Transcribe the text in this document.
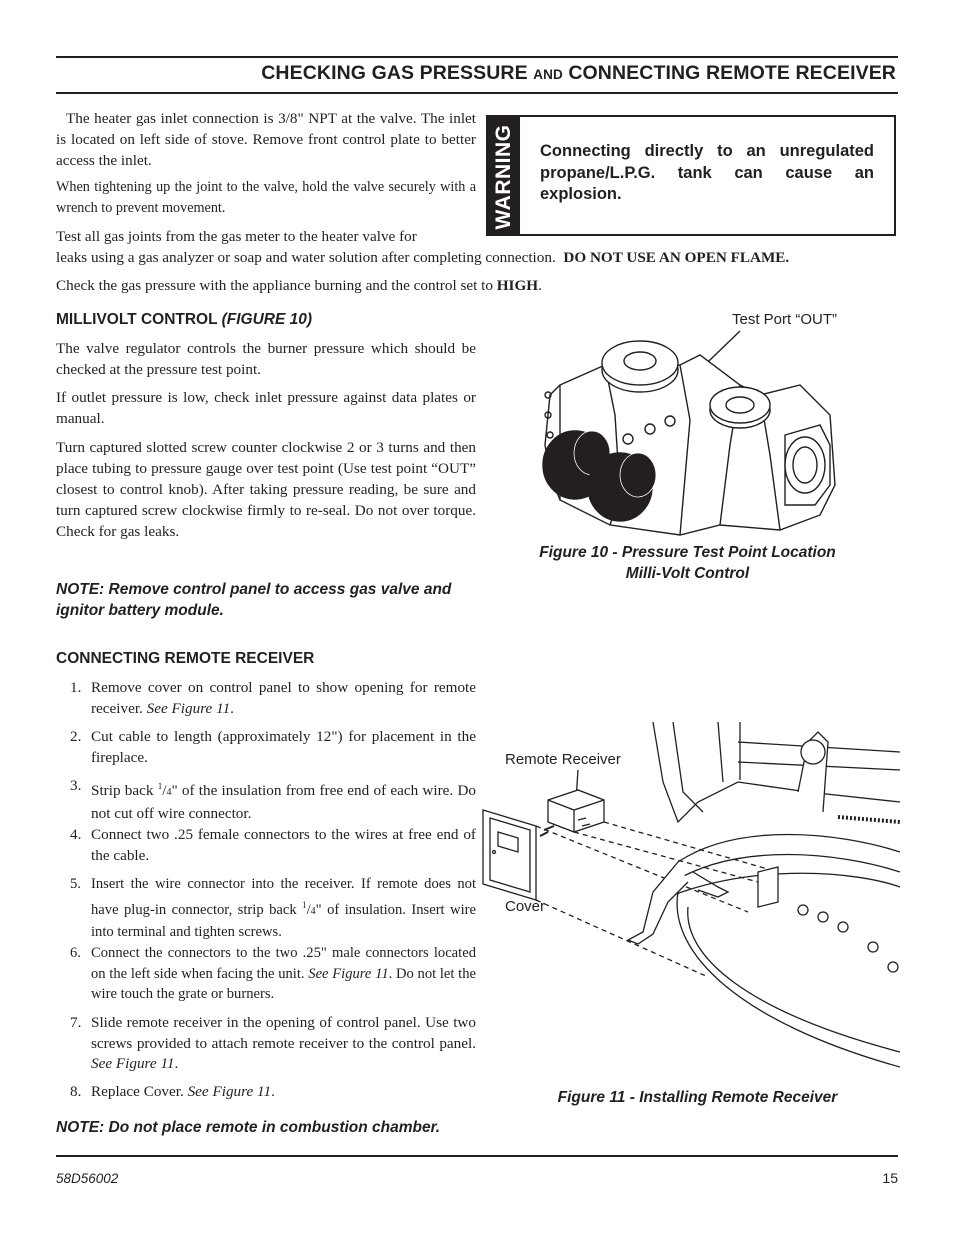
CHECKING GAS PRESSURE AND CONNECTING REMOTE RECEIVER

The heater gas inlet connection is 3/8" NPT at the valve. The inlet is located on left side of stove. Remove front control plate to better access the inlet.

When tightening up the joint to the valve, hold the valve securely with a wrench to prevent movement.

Test all gas joints from the gas meter to the heater valve for

leaks using a gas analyzer or soap and water solution after completing connection. DO NOT USE AN OPEN FLAME.

Check the gas pressure with the appliance burning and the control set to HIGH.

WARNING Connecting directly to an unregulated propane/L.P.G. tank can cause an explosion.
MILLIVOLT CONTROL (FIGURE 10)

The valve regulator controls the burner pressure which should be checked at the pressure test point.

If outlet pressure is low, check inlet pressure against data plates or manual.

Turn captured slotted screw counter clockwise 2 or 3 turns and then place tubing to pressure gauge over test point (Use test point “OUT” closest to control knob). After taking pressure reading, be sure and turn captured screw clockwise firmly to re-seal. Do not over torque. Check for gas leaks.

NOTE: Remove control panel to access gas valve and ignitor battery module.
Test Port “OUT”
Figure 10 - Pressure Test Point Location
Milli-Volt Control
CONNECTING REMOTE RECEIVER
1. Remove cover on control panel to show opening for remote receiver. See Figure 11.
2. Cut cable to length (approximately 12") for placement in the fireplace.
3. Strip back $^1$/4" of the insulation from free end of each wire. Do not cut off wire connector.
4. Connect two .25 female connectors to the wires at free end of the cable.
5. Insert the wire connector into the receiver. If remote does not have plug-in connector, strip back $^1$/4" of insulation. Insert wire into terminal and tighten screws.
6. Connect the connectors to the two .25" male connectors located on the left side when facing the unit. See Figure 11. Do not let the wire touch the grate or burners.
7. Slide remote receiver in the opening of control panel. Use two screws provided to attach remote receiver to the control panel. See Figure 11.
8. Replace Cover. See Figure 11.
NOTE: Do not place remote in combustion chamber.
Remote Receiver
Cover
Figure 11 - Installing Remote Receiver
58D56002	15
